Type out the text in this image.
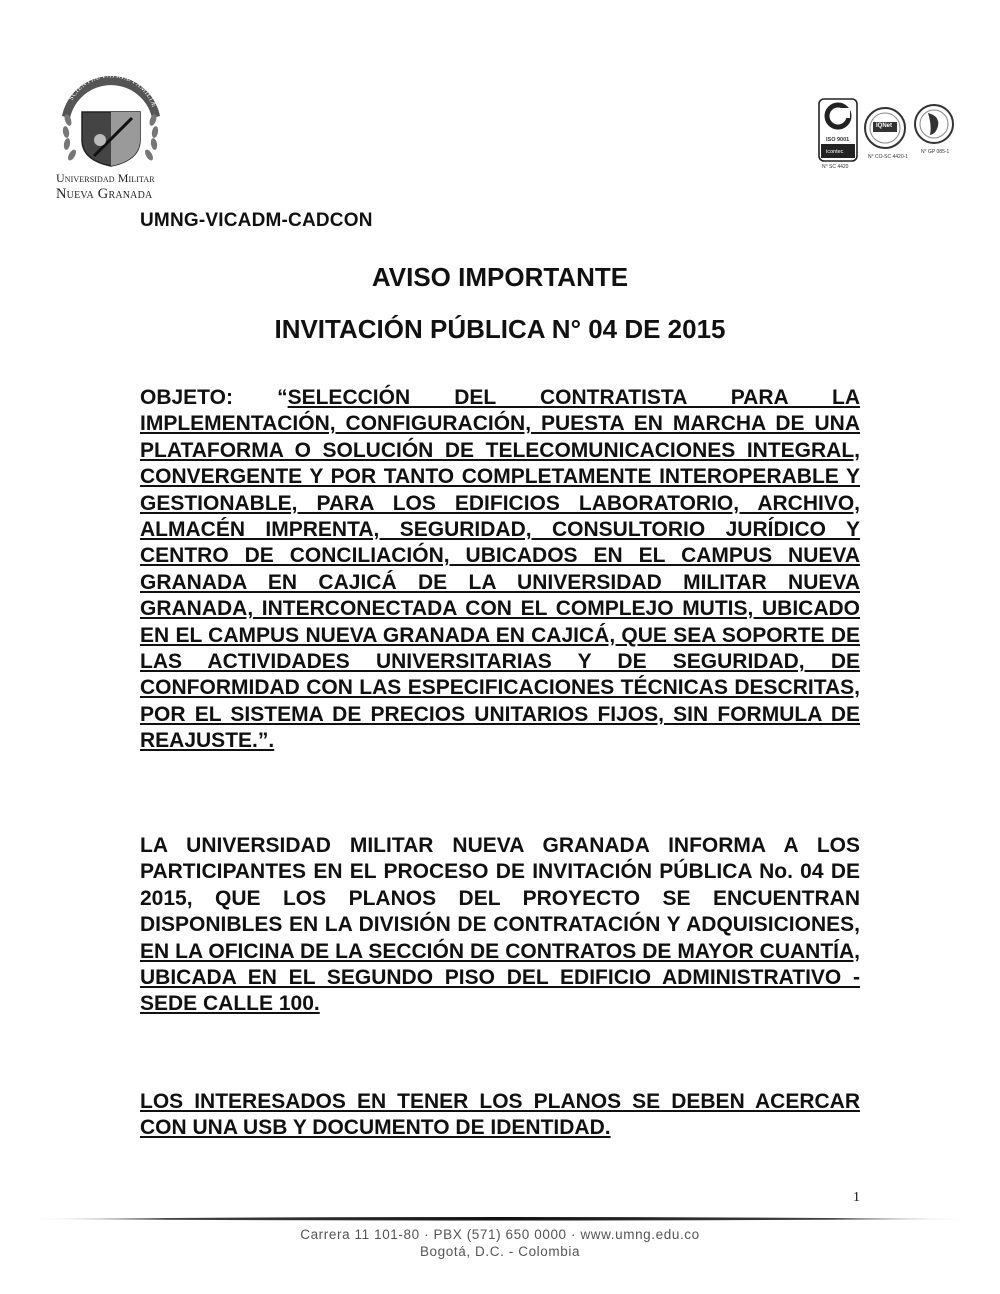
SCIENTIÆ PATRIÆ FAMILIÆ
Universidad Militar
Nueva Granada
ISO 9001
icontec
N° SC 4420
IQNet
N° CO-SC 4420-1
N° GP 085-1
UMNG-VICADM-CADCON
AVISO IMPORTANTE
INVITACIÓN PÚBLICA N° 04 DE 2015
OBJETO: “SELECCIÓN DEL CONTRATISTA PARA LA IMPLEMENTACIÓN, CONFIGURACIÓN, PUESTA EN MARCHA DE UNA PLATAFORMA O SOLUCIÓN DE TELECOMUNICACIONES INTEGRAL, CONVERGENTE Y POR TANTO COMPLETAMENTE INTEROPERABLE Y GESTIONABLE, PARA LOS EDIFICIOS LABORATORIO, ARCHIVO, ALMACÉN IMPRENTA, SEGURIDAD, CONSULTORIO JURÍDICO Y CENTRO DE CONCILIACIÓN, UBICADOS EN EL CAMPUS NUEVA GRANADA EN CAJICÁ DE LA UNIVERSIDAD MILITAR NUEVA GRANADA, INTERCONECTADA CON EL COMPLEJO MUTIS, UBICADO EN EL CAMPUS NUEVA GRANADA EN CAJICÁ, QUE SEA SOPORTE DE LAS ACTIVIDADES UNIVERSITARIAS Y DE SEGURIDAD, DE CONFORMIDAD CON LAS ESPECIFICACIONES TÉCNICAS DESCRITAS, POR EL SISTEMA DE PRECIOS UNITARIOS FIJOS, SIN FORMULA DE REAJUSTE.”.
LA UNIVERSIDAD MILITAR NUEVA GRANADA INFORMA A LOS PARTICIPANTES EN EL PROCESO DE INVITACIÓN PÚBLICA No. 04 DE 2015, QUE LOS PLANOS DEL PROYECTO SE ENCUENTRAN DISPONIBLES EN LA DIVISIÓN DE CONTRATACIÓN Y ADQUISICIONES, EN LA OFICINA DE LA SECCIÓN DE CONTRATOS DE MAYOR CUANTÍA, UBICADA EN EL SEGUNDO PISO DEL EDIFICIO ADMINISTRATIVO - SEDE CALLE 100.
LOS INTERESADOS EN TENER LOS PLANOS SE DEBEN ACERCAR CON UNA USB Y DOCUMENTO DE IDENTIDAD.
1
Carrera 11 101-80 · PBX (571) 650 0000 · www.umng.edu.co
Bogotá, D.C. - Colombia
